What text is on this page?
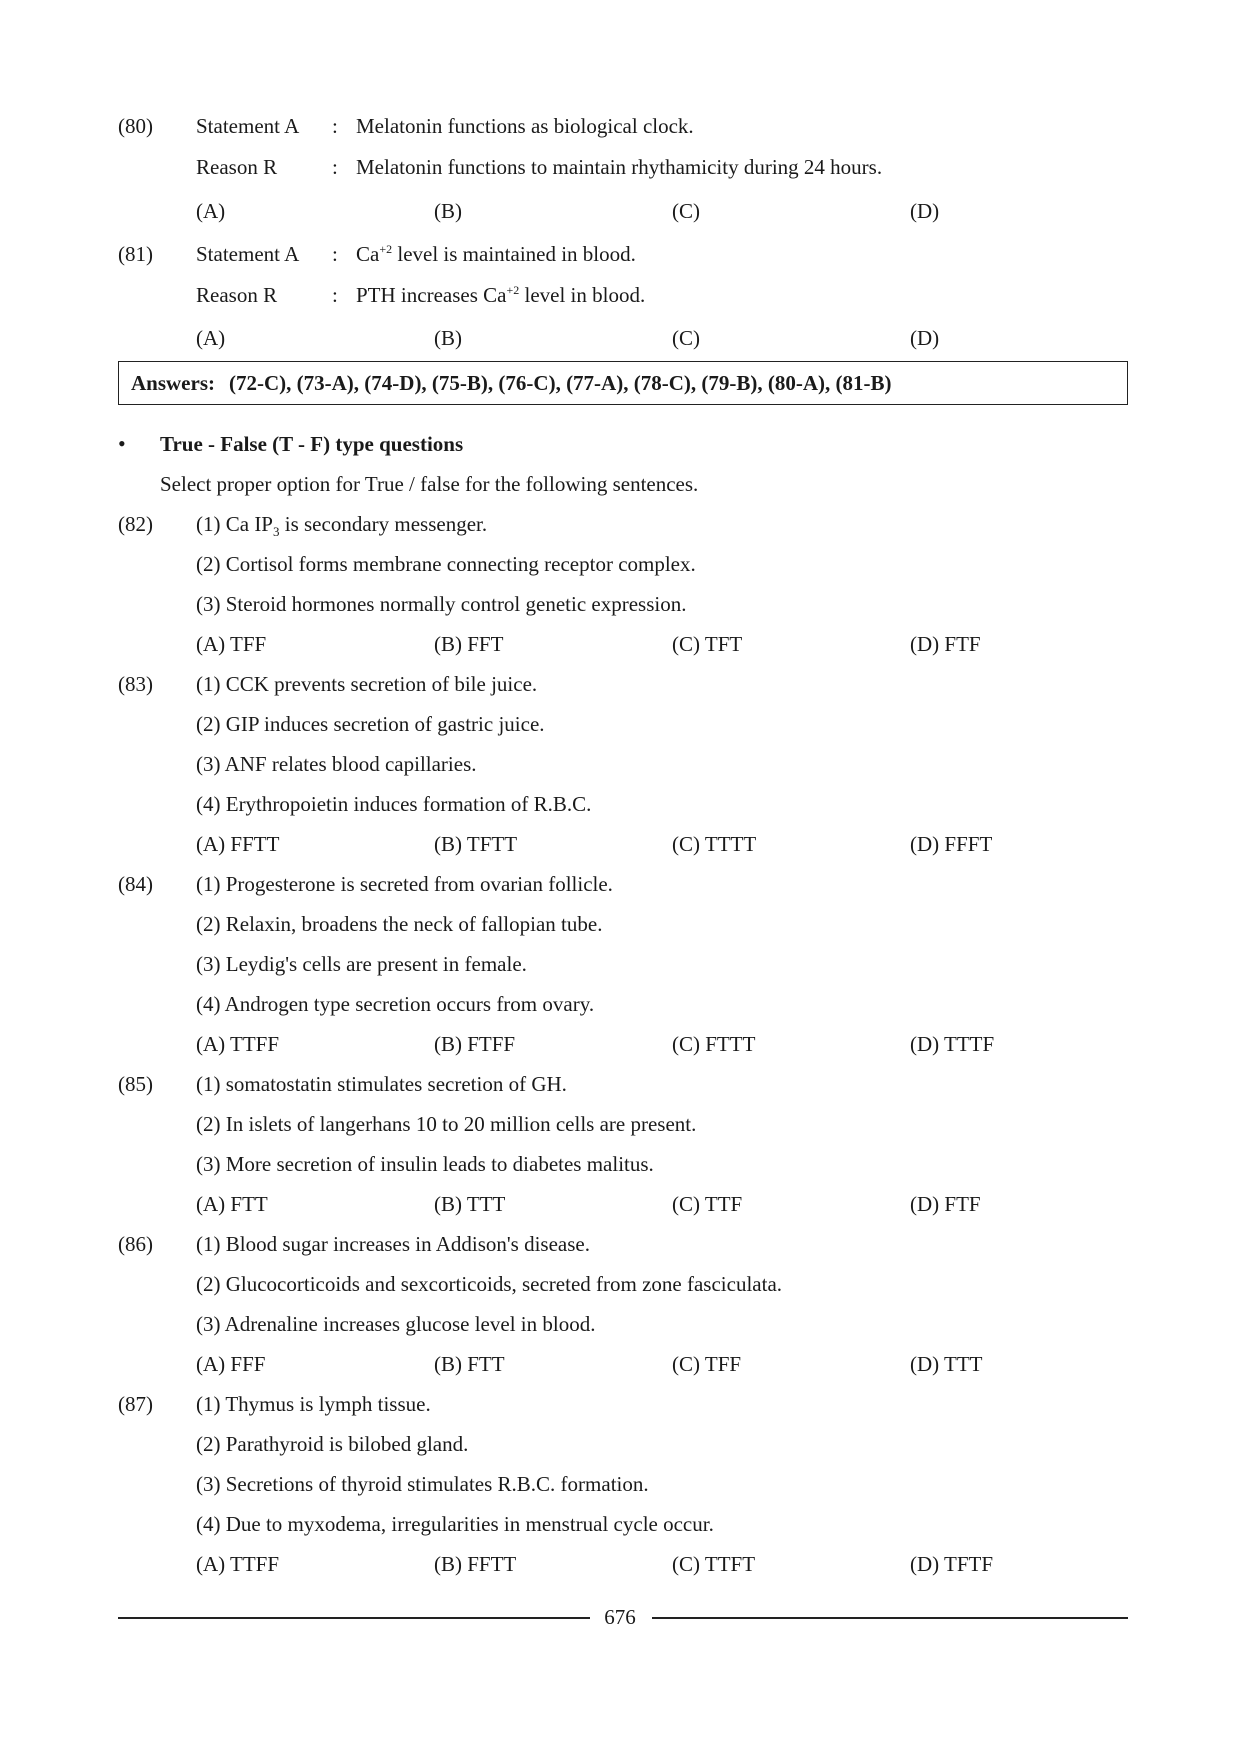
(80)	Statement A : Melatonin functions as biological clock.
Reason R	: Melatonin functions to maintain rhythamicity during 24 hours.
(A)	(B)	(C)	(D)
(81)	Statement A : $Ca^{+2}$ level is maintained in blood.
Reason R	: PTH increases $Ca^{+2}$ level in blood.
(A)	(B)	(C)	(D)
Answers: (72-C), (73-A), (74-D), (75-B), (76-C), (77-A), (78-C), (79-B), (80-A), (81-B)
• True - False (T - F) type questions
Select proper option for True / false for the following sentences.
(82)	(1) Ca $IP_3$ is secondary messenger.
(2) Cortisol forms membrane connecting receptor complex.
(3) Steroid hormones normally control genetic expression.
(A) TFF	(B) FFT	(C) TFT	(D) FTF
(83)	(1) CCK prevents secretion of bile juice.
(2) GIP induces secretion of gastric juice.
(3) ANF relates blood capillaries.
(4) Erythropoietin induces formation of R.B.C.
(A) FFTT	(B) TFTT	(C) TTTT	(D) FFFT
(84)	(1) Progesterone is secreted from ovarian follicle.
(2) Relaxin, broadens the neck of fallopian tube.
(3) Leydig's cells are present in female.
(4) Androgen type secretion occurs from ovary.
(A) TTFF	(B) FTFF	(C) FTTT	(D) TTTF
(85)	(1) somatostatin stimulates secretion of GH.
(2) In islets of langerhans 10 to 20 million cells are present.
(3) More secretion of insulin leads to diabetes malitus.
(A) FTT	(B) TTT	(C) TTF	(D) FTF
(86)	(1) Blood sugar increases in Addison's disease.
(2) Glucocorticoids and sexcorticoids, secreted from zone fasciculata.
(3) Adrenaline increases glucose level in blood.
(A) FFF	(B) FTT	(C) TFF	(D) TTT
(87)	(1) Thymus is lymph tissue.
(2) Parathyroid is bilobed gland.
(3) Secretions of thyroid stimulates R.B.C. formation.
(4) Due to myxodema, irregularities in menstrual cycle occur.
(A) TTFF	(B) FFTT	(C) TTFT	(D) TFTF
676
